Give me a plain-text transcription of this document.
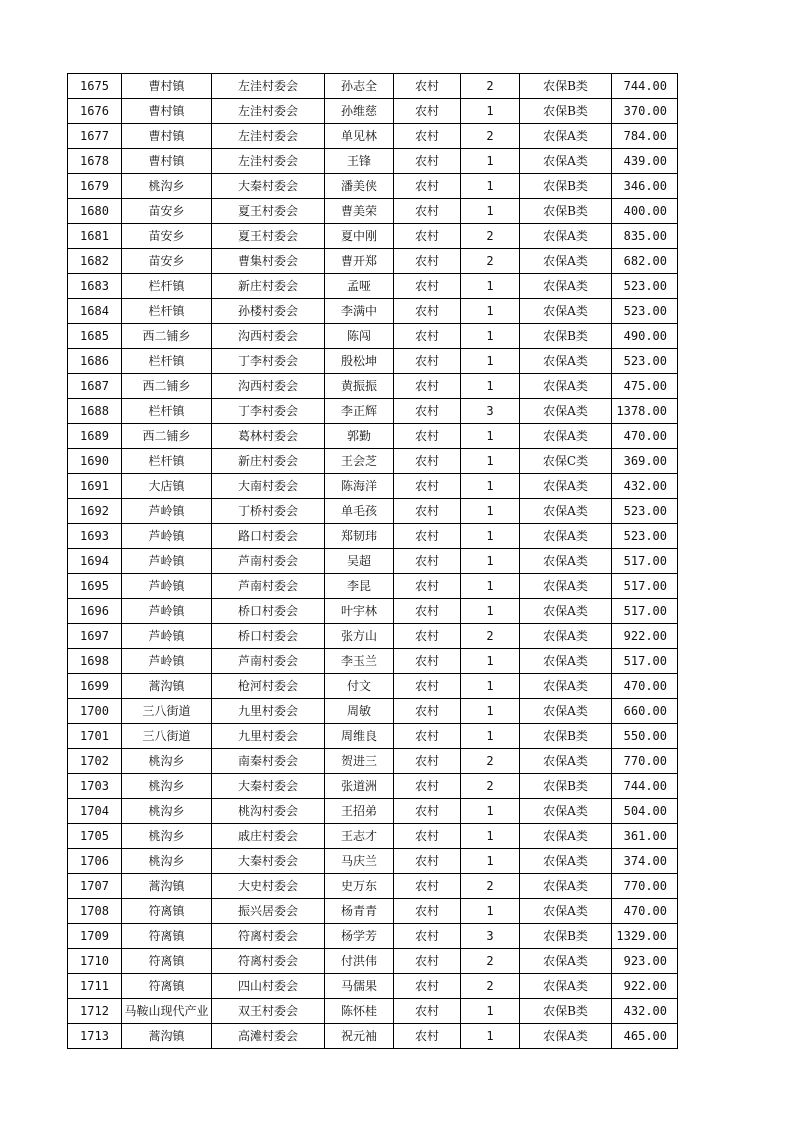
1675	曹村镇	左洼村委会	孙志全	农村	2	农保B类	744.00
1676	曹村镇	左洼村委会	孙维慈	农村	1	农保B类	370.00
1677	曹村镇	左洼村委会	单见林	农村	2	农保A类	784.00
1678	曹村镇	左洼村委会	王锋	农村	1	农保A类	439.00
1679	桃沟乡	大秦村委会	潘美侠	农村	1	农保B类	346.00
1680	苗安乡	夏王村委会	曹美荣	农村	1	农保B类	400.00
1681	苗安乡	夏王村委会	夏中刚	农村	2	农保A类	835.00
1682	苗安乡	曹集村委会	曹开郑	农村	2	农保A类	682.00
1683	栏杆镇	新庄村委会	孟哑	农村	1	农保A类	523.00
1684	栏杆镇	孙楼村委会	李满中	农村	1	农保A类	523.00
1685	西二铺乡	沟西村委会	陈闯	农村	1	农保B类	490.00
1686	栏杆镇	丁李村委会	殷松坤	农村	1	农保A类	523.00
1687	西二铺乡	沟西村委会	黄振振	农村	1	农保A类	475.00
1688	栏杆镇	丁李村委会	李正辉	农村	3	农保A类	1378.00
1689	西二铺乡	葛林村委会	郭勤	农村	1	农保A类	470.00
1690	栏杆镇	新庄村委会	王会芝	农村	1	农保C类	369.00
1691	大店镇	大南村委会	陈海洋	农村	1	农保A类	432.00
1692	芦岭镇	丁桥村委会	单毛孩	农村	1	农保A类	523.00
1693	芦岭镇	路口村委会	郑韧玮	农村	1	农保A类	523.00
1694	芦岭镇	芦南村委会	吴超	农村	1	农保A类	517.00
1695	芦岭镇	芦南村委会	李昆	农村	1	农保A类	517.00
1696	芦岭镇	桥口村委会	叶宇林	农村	1	农保A类	517.00
1697	芦岭镇	桥口村委会	张方山	农村	2	农保A类	922.00
1698	芦岭镇	芦南村委会	李玉兰	农村	1	农保A类	517.00
1699	蒿沟镇	枪河村委会	付文	农村	1	农保A类	470.00
1700	三八街道	九里村委会	周敏	农村	1	农保A类	660.00
1701	三八街道	九里村委会	周维良	农村	1	农保B类	550.00
1702	桃沟乡	南秦村委会	贺进三	农村	2	农保A类	770.00
1703	桃沟乡	大秦村委会	张道洲	农村	2	农保B类	744.00
1704	桃沟乡	桃沟村委会	王招弟	农村	1	农保A类	504.00
1705	桃沟乡	戚庄村委会	王志才	农村	1	农保A类	361.00
1706	桃沟乡	大秦村委会	马庆兰	农村	1	农保A类	374.00
1707	蒿沟镇	大史村委会	史万东	农村	2	农保A类	770.00
1708	符离镇	振兴居委会	杨青青	农村	1	农保A类	470.00
1709	符离镇	符离村委会	杨学芳	农村	3	农保B类	1329.00
1710	符离镇	符离村委会	付洪伟	农村	2	农保A类	923.00
1711	符离镇	四山村委会	马儒果	农村	2	农保A类	922.00
1712	马鞍山现代产业	双王村委会	陈怀桂	农村	1	农保B类	432.00
1713	蒿沟镇	高滩村委会	祝元袖	农村	1	农保A类	465.00
